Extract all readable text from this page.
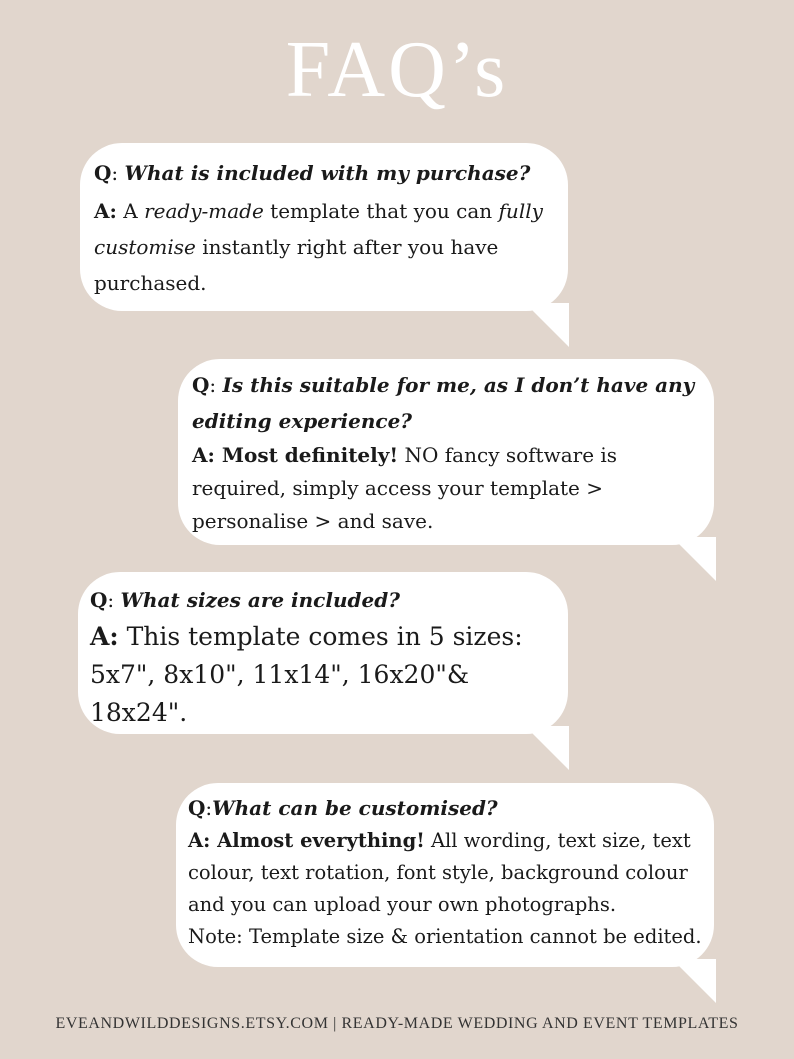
FAQ’s

Q: What is included with my purchase?

A: A ready-made template that you can fully customise instantly right after you have purchased.

Q: Is this suitable for me, as I don’t have any editing experience?

A: Most definitely! NO fancy software is required, simply access your template > personalise > and save.

Q: What sizes are included?

A: This template comes in 5 sizes:

5x7", 8x10", 11x14", 16x20"& 18x24".

Q:What can be customised?

A: Almost everything! All wording, text size, text colour, text rotation, font style, background colour and you can upload your own photographs.

Note: Template size & orientation cannot be edited.

EVEANDWILDDESIGNS.ETSY.COM | READY-MADE WEDDING AND EVENT TEMPLATES
